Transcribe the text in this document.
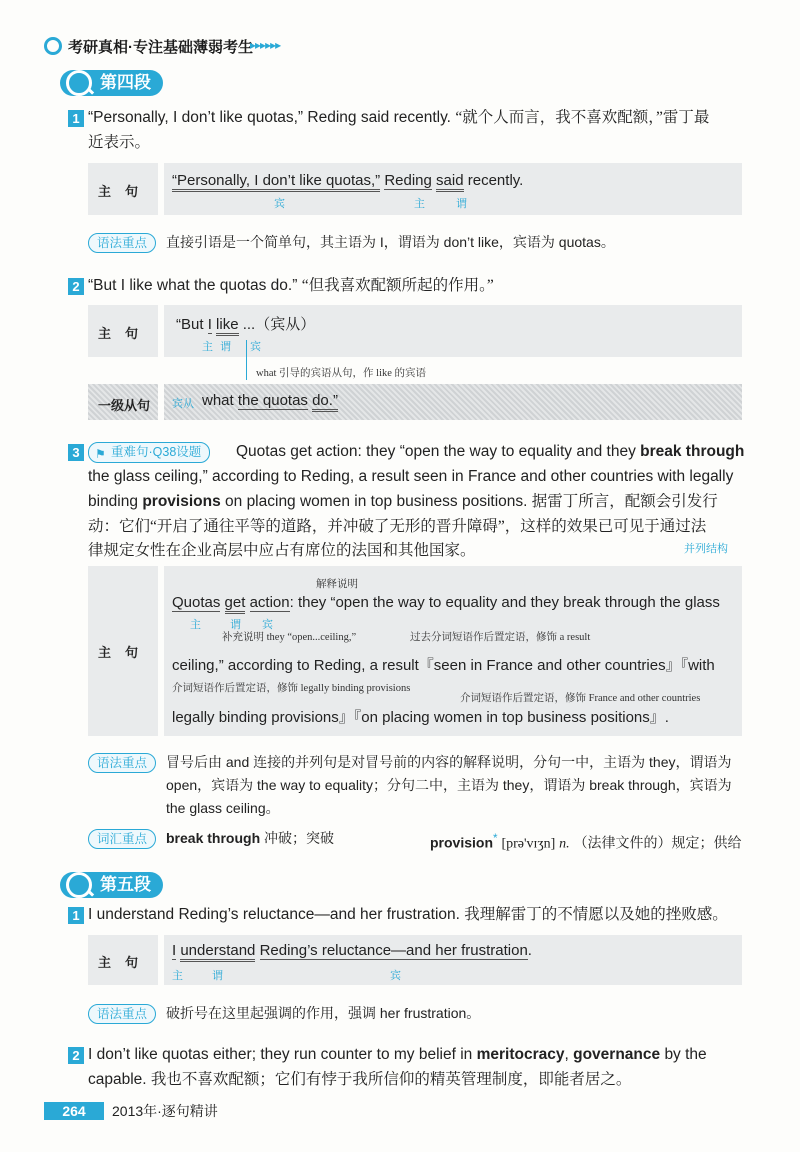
考研真相·专注基础薄弱考生
▸▸▸▸▸▸
第四段
1 “Personally, I don’t like quotas,” Reding said recently. “就个人而言，我不喜欢配额，”雷丁最
近表示。
主句
“Personally, I don’t like quotas,” Reding said recently.
宾	主	谓
语法重点	直接引语是一个简单句，其主语为 I，谓语为 don’t like，宾语为 quotas。
2 “But I like what the quotas do.” “但我喜欢配额所起的作用。”
主句
“But I like ...（宾从）
主 谓 宾
what 引导的宾语从句，作 like 的宾语
一级从句 宾从 what the quotas do.”
3	⚑ 重难句·Q38设题	Quotas get action: they “open the way to equality and they break through
the glass ceiling,” according to Reding, a result seen in France and other countries with legally
binding provisions on placing women in top business positions. 据雷丁所言，配额会引发行
动：它们“开启了通往平等的道路，并冲破了无形的晋升障碍”，这样的效果已可见于通过法
律规定女性在企业高层中应占有席位的法国和其他国家。	并列结构
主句
解释说明
Quotas get action: they “open the way to equality and they break through the glass
主	谓 宾
补充说明 they “open...ceiling,”	过去分词短语作后置定语，修饰 a result
ceiling,” according to Reding, a result『seen in France and other countries』『with
介词短语作后置定语，修饰 legally binding provisions
介词短语作后置定语，修饰 France and other countries
legally binding provisions』『on placing women in top business positions』.
语法重点	冒号后由 and 连接的并列句是对冒号前的内容的解释说明，分句一中，主语为 they，谓语为
open，宾语为 the way to equality；分句二中，主语为 they，谓语为 break through，宾语为
the glass ceiling。
词汇重点	break through 冲破；突破	provision* [prə'vɪʒn] n. （法律文件的）规定；供给
第五段
1 I understand Reding’s reluctance—and her frustration. 我理解雷丁的不情愿以及她的挫败感。
主句
I understand Reding’s reluctance—and her frustration.
主	谓	宾
语法重点	破折号在这里起强调的作用，强调 her frustration。
2 I don’t like quotas either; they run counter to my belief in meritocracy, governance by the
capable. 我也不喜欢配额；它们有悖于我所信仰的精英管理制度，即能者居之。
264	2013年·逐句精讲
